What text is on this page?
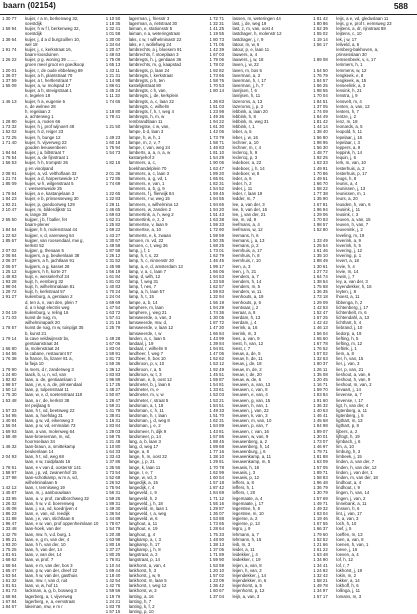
baarn (02154)	588
1 30 77	kuijer, r a m, berkenweg 32,
soestdijk
1 59 94	kuijer, h w f l, berkenweg 32,
soestdijk
1 38 64	kuijer, j, d a d burgzuillen 10,
wel 18
1 91 74	kuijer, j, c, kerkstraat 16,
baarn-loosduinen
1 26 22	kuijer, p g. woning 39 ........
groen meel groot en goedkoop
1 20 01	kuijer, r, de oude ebbelweg 69
1 36 07	kuijer, a h, plantstraat 70
1 37 59	kuijer, a t, hertlerstraat 7
1 55 09	kuijer, a, w. molspad 17
kuijer, a h, stevigstraat 1
n, tegelen 18
1 46 13	kuijer, h a, eugenie 6
n, de welnee 28
h. regelaan 2
a, achterweg 1
1 28 80	kuijer, a, molen 66
1 73 32	kuijer, h j, prof wijnoert 48
1 52 02	kuijer, h d, reiger 23
1 72 25	kuijer, h, bunge 12
1 71 40	kuijer, h. vijverweg 23
gouden leeuwenbeen
1 84 64	kuijer, j a, biltstraat 7
1 78 54	kuijer, a, de fijnstraat 1
1 56 53	kuijer, h h, trompstr 26
g en vioolpand
2 08 91	kuijer, a, vd. velthoflaan 33
1 21 74	kuijer, a d, harpersweide 17
1 85 09	kuijer, w h, wilgenstraat 5
r, wessemweide 25
1 78 64	kuijer, a e, kastanjelaan 3
1 84 23	kuijer, e b, prinsesseweg 30
1 92 21	kuijer, p, goedoorweg 129
2 10 47	kuijer, m, bilderdijkstr 11
w, lange 38
2 55 50	kuijper, j b, f baller, fet
baarn-plener
1 84 54	kuijper, h h, molenstraat 44
1 22 62	kuijper, v, d, varenweg 64
1 85 67	kuijper, van roosendaal, mw g,
kerkstr 52
2 07 02	kuijper, g, thesaan 5
2 06 84	kuijpers, a g, beukenlaan 38
2 06 37	kuijpers, a h, jachtlaan 91
2 06 57	kuijpers, a g, kasset 28
1 25 12	kuijpers, h h, korte 27
1 48 83	kuijt, e, wesselerhof 24
1 93 28	kuijt, h, eemberg 32
1 98 04	kuijt, h, wilhelminalaan 81
1 29 72	kuijt, h, kerkstraat 57
1 91 27	kuilenburg, a, gentiaan 2
d, ten a, n, van den, plein 7
d, a n kagt electris weg
2 04 19	kuilenburg, v, reling 16
1 71 03	kunst de ruig, m,
wilhelminapark 20
1 78 57	kunst de ruig, m w, tuinpijpt 35
b, kunst 21
1 79 14	la cave veldwijnsstr bv,
gentiaanstraat 34
1 66 80	la, molenstraat 24
1 64 56	la cabane, restaurant 57
1 76 38	la france, fa, lizarer 81 a,
la fieja 10
1 79 90	la mers, d r, zanderweg 3
1 24 80	laack, b, u, n, vd, van
1 82 82	laan, a. de, gentiaanlaan 1
1 98 57	laan, j w, v, a, de, prinsendaal
1 50 12	laan, p, tulpenstraat 11
1 75 30	laan, w, v, d, soetenstraat 118
1 53 48	laan, a r, de, kerkstr 38
ter peijlaag 5
1 57 33	laan, h t, vd, beetsweg 22
1 54 95	laan, a, hoefslag 31
1 40 84	laan, g w, vd, eikenweg 3
1 56 04	laan, p w, vd, emmalan 73
1 69 93	laan, a van, molenweg 64
1 58 48	laan-broeseman, m, vd,
hoornselaan 34
1 46 32	laan-braun, a, smittekamp
beukenlaan 14
2 04 93	laan, h t, vd, weg 68
laan, e w, zuidplaats 16
1 78 51	laan, e v van d, oosterstr 141
1 58 97	laan, j p, vd, zwanenhof 15
1 37 98	laan-schotkamp, w m a, vd,
wilhelminalaan 5
1 42 12	laan, r, tennisweg 19
1 45 87	laan, m, j. aanbouwlaan
1 33 95	laan, a. v, prof, zandborchweg 32
1 26 32	laan, h w, v d. boerenweg
1 46 08	laan, j. v.a, vd, koedrijven 4
1 86 23	laan, e, van, vd. reedijk
1 31 88	laan, j e, van, stichtlaan 6
1 96 47	laan, e w. van, prof oppenheimlaan 10
1 33 48	laan-hoek, van der
1 42 78	laan, mw. h, v.d. burg, 1
1 95 21	laan, e, g m, van der, 4
1 93 20	laan, h h, van der, 10
1 75 25	laan, h, van der, 14
1 81 61	laan, v, van der, 14
1 68 62	laan, w, prof, 7
1 68 64	laan, e m, van der, bos 3
1 65 47	laan, p w, van der, dreef 22
1 63 54	laan, h w, van der, gasthuis
1 61 32	laan, mw. r, van d, ruit
1 81 51	laan, w, w, hof 11
1 91 73	lackman, a, g, b, bosweg 3
1 68 84	lagerberg, a, t, vijverweg
1 67 84	lagerberg, e, a, eemstraat
1 84 67	lakeman, mw, e m r
1 10 50	lagerman, j, friesstr 3
1 18 35	lagerman, a, rietstraat 30
1 32 41	laiman, e, stationsstr 5
1 01 58	laiman, n a, weteringstraat
1 30 00	laks, c w, r wilhelminastr 22
1 34 64	laks, e r, wollefweg 24
1 20 47	lambrechts, a j, bloesem 91
1 48 63	lambrechts, f. stoeplaan 3
1 75 09	lambregts, h. j, gentiaan 36
1 65 13	lambrechts, m, g, kaapstad
1 43 11	lambregts, p, laan 24
1 21 31	lambregts, l, kerkstraat
1 14 98	lambregts, p h, ten
1 86 61	kastelijkstraat 80
1 45 24	lambregts, c h, van,
1 11 33	lambregts, j, de, kerkplein
1 74 65	lambregts, a, c, laan 22
lambregts, c, wilhelm
1 18 80	lambregts, f, h, r, weg 4
1 78 41	lambregts, h, m, w
rembrandtlaan 11
1 21 50	lambregtse, c w, van,
lampe, b d, laan 3
1 49 23	lampe, h, w, h, 1
1 60 18	lampe, m, z, v, 7
1 75 94	lampe, r, van, weg 24
1 54 73	lamberts, a, a, n, a, w
kastanjehof 2
1 82 15	lammers, a, c,
boekhandelplein 70
2 01 36	lammers, a, c, laan 3
1 72 85	lammers, a, g, vd, 1
1 74 69	lammers, e, van, 1
lammers, a, b, g, 9
1 22 65	lammers, f j, flierwijk 84
1 22 83	lammers, r w, weg 15
1 28 11	lammers, v, wilhelmina 12
1 46 65	lammers, w, zanden 2
1 69 63	lammertink, a, h, weg 2
1 62 21	lammertink, e, z, 2
1 25 82	lammertse, v, laan 9
1 69 22	lammertse, a, 10
1 43 27	lammerts, e, k, zwaan
1 30 67	lamoen, m. vd, 22
1 48 58	lamoen, c, t, weg 36
1 87 58	lamp, j, f, 1
1 26 12	lamp, h, t, s, 22
1 31 52	lamp, h, c, ninnenstr 20
1 45 98	lamp, a, e, d, amsterdam 13
1 56 19	lamp, v, a, c, laan 7
1 61 84	lamp, d, wilh, 12
1 81 02	lamp, f, weg 31
1 40 83	lamp, f, nes, 7
1 70 24	lamp, a, h, laan 57
1 24 04	lamp, h, t, 15
1 69 69	lampe, a, b, 14
1 47 54	lamphere, m, laan
1 63 72	lamphere, j, weg 21
1 57 41	lamsweerde, o, van, 3
1 21 15	lamsweerde, mw, d,
1 25 79	lamsweerde, v, laan 12
lamsweerde, r, w
1 49 28	landen, a, c, laan 5
1 67 06	landaal, j, 19
1 83 04	landaal, r, wilhelm 9
1 59 91	landheer, f, weg 7
1 81 73	landheer, h, bos 10
1 59 36	landkroon, p, v, 10
1 36 12	landkroon, r, a, 5
1 83 83	landkroon, w, t, 3
1 96 89	landman, e, b, oost 12
1 17 25	landmeter, b, j, laan 6
1 48 27	landmeter, m, e
1 50 87	landmeter, m, v, w
1 26 47	landmeter, r, straat 5
1 59 31	landsman, a, t, 18
1 41 79	landsman, c, h, 11
1 38 81	landsman, h, r, laan
1 16 31	landsman, j, d, weg 8
1 83 84	landsman, j, e, 2
1 28 03	landsmeer, h, dijk 9
1 59 75	landsmeer, p, 14
1 21 48	lang, a, b, laan 3
1 10 80	lang, d, weg 17
1 64 33	lange, a, 8
1 33 43	lange, h, m, oost 22
1 37 86	lange, j, p, 21
1 35 55	lange, k, laan 11
1 73 54	lange, r, e, 7
1 52 68	lange, w, vd, 3
1 26 52	langedijk, a, 15
1 75 94	langedijk, r, 4
1 56 31	langeveld, c, 9
1 59 25	langeveld, h, 2
1 89 31	langeveld, j, h, 18
1 49 30	langeveld, m, laan 1
1 36 54	langeveld, r, a, weg
1 44 89	langeveld, w, 6
1 78 67	langhout, a, 11
1 54 79	langhout, e, 19
1 20 38	langhout, g, 4
1 63 98	langkamp, a, r, 3
1 80 16	langkamp, h, 17
1 37 27	langkamp, j, h, 8
1 80 25	langstraat, a, 2
1 76 81	langstraat, p, 14
1 10 44	lankhorst, a, van, 4
1 69 44	lankhorst, h, 3
1 18 40	lankhorst, j, w, 9
1 42 54	lankhorst, m, laan 5
1 42 75	lankhorst, r, weg 12
1 59 56	lankhorst, w, 3
1 19 76	lanting, a, 16
1 24 21	lanting, h, 7
1 83 78	lanting, k, f, 2
1 57 15	lanting, p, 10
1 72 71	lassen, m, weteringen 44
1 32 31	last, j, de, weg 19
1 41 25	last, z, m, van, oost 4
1 19 55	lastdrager, h, molenstr 12
1 80 73	lastdrager, j, r, 9
1 71 05	latour, m, w, 6
1 42 39	latour, p, e, laan 11
1 67 03	lauwers, a, 4
1 79 06	lauwers, j, w, 18
1 78 02	laven, j, w, 22
1 92 82	laven, m, bos 5
1 73 66	laverman, a, 3
1 58 76	laverman, h, r, 17
1 70 53	laverman, j, h, 7
1 80 14	lavrijsen, f, 6
lavrijsen, h, 11
1 36 83	lazeroms, a, 13
1 51 03	lazeroms, j, p, 2
1 23 98	lebbink, a, laan 20
1 49 36	lebbink, h, 8
1 94 22	lebbink, m, weg 31
1 61 30	lebbink, r, 1
1 42 06	leber, a, 5
1 73 79	leber, j, w, 16
1 58 71	lechner, a, 10
1 46 83	lechner, m, r, 4
1 81 10	leclercq, h, 9
1 54 29	leclercq, p, 3
1 90 06	ledeboer, a, 22
1 63 47	ledeboer, j, h, 14
1 89 20	ledeboer, w, 8
1 65 91	leder, a, 6
1 82 31	leder, h, 2
1 54 52	leder, j, 11
1 59 45	leder, r, laan 19
1 94 55	ledder, m, 7
1 94 65	lee, a, van der, 3
1 94 20	lee, h, van der, 15
1 51 43	lee, j, van der, 21
1 63 38	lee, m, vd, 9
1 59 33	leefmans, a, 4
1 72 90	leefmans, w, 12
1 59 59	leemans, h, 6
1 50 35	leemans, j, a, 13
1 68 25	leemans, p, 2
1 73 01	leemhuis, a, 17
1 62 79	leemhuis, h, 8
1 46 45	leemhuis, r, 10
1 99 17	leen, a, 3
1 66 06	leen, j, h, 21
1 94 53	leenders, a, 7
1 33 58	leenders, h, 14
1 62 57	leenders, m, 5
1 59 83	leenders, w, 11
1 32 94	leenhouts, a, 19
1 56 19	leenhouts, p, 6
1 94 29	leentvaar, j, 2
1 74 36	leeraar, a, 8
1 30 05	leerdam, h, 13
1 87 72	leerdam, j, 4
1 47 30	leerink, a, 16
1 66 84	leerink, m, 3
1 43 99	lees, a, van, 9
1 39 84	leest, h, van, 12
1 94 81	leest, r, 7
1 47 06	leeuw, a, de, 5
1 52 62	leeuw, h, de, 11
1 53 12	leeuw, j, de, 18
1 92 49	leeuw, m, de, 2
1 45 51	leeuw, r, de, 20
1 59 87	leeuw, w, de, 6
1 54 81	leeuwen, a, van, 13
1 33 61	leeuwen, c, van, 8
1 53 03	leeuwen, e, van, 4
1 53 21	leeuwen, g, van, 15
1 84 51	leeuwen, h, van, 1
1 49 33	leeuwen, j, van, 22
1 51 70	leeuwen, k, van, 3
1 62 31	leeuwen, m, van, 10
1 84 89	leeuwen, p, van, 7
1 43 81	leeuwen, r, van, 16
1 57 86	leeuwen, w, van, 9
1 88 45	leeuwenberg, a, 2
1 89 68	leeuwenberg, h, 14
1 77 16	leeuwenburg, j, 6
1 38 10	leeuwenkamp, a, 11
1 29 81	leeuwenkamp, m, 5
1 70 78	leeuwis, h, 18
1 62 99	leeuwis, j, 3
1 60 54	leeuwis, p, 12
1 57 18	leffers, a, 8
1 87 42	leffers, h, 1
1 84 69	leffers, r, 20
1 71 12	legemaate, a, 4
1 55 16	legemaate, j, 17
1 29 87	legerstee, h, 6
1 36 07	legerstee, m, 10
1 53 88	legierse, a, 2
1 73 65	legierse, p, 13
1 28 64	legro, j, 9
1 75 33	lehmann, a, 7
1 48 90	lehmann, h, 15
1 38 13	leib, m, 3
1 37 06	leider, a, 11
1 71 89	leidekker, j, 4
1 59 90	leidekker, r, 19
1 53 59	leijen, a, van, 8
1 20 10	leijen, h, van, 2
1 57 02	leijendekker, j, 14
1 23 09	leijendekker, m, 6
1 36 42	leijenhorst, a, 5
1 60 67	leijenhorst, p, 12
1 37 04	leijn, a, van, 3
1 81 42	leijs, a e, vd, gleduslaan 11
1 80 86	leijs, g e, prof t. eemsweg 23
1 62 39	leijtens, a, dr, rijnstraat 88
1 55 02	leijtens, c, 10
1 19 14	lek, j w, 17
1 56 17	leliveld, a, 6
lemberg-bakhoven, a,
prinsesslaan 30
1 89 08	lemsenbeek, v, s, 17
lemmers, h, 1
1 54 50	lemmens, w, 12
1 76 79	lengkeek, e, 8
1 84 57	lengkeek, w, 15
1 66 25	lenseelink, a, 3
1 98 55	lensink, h, 21
1 70 04	lenstra, j, 9
1 84 51	lensvelt, m, 4
1 37 05	lenten, a, van, 13
1 74 09	lenters, h, 7
1 84 49	lentze, j, 2
1 81 42	lenz, m, 18
1 44 14	leonards, a, 5
1 38 40	leopold, h, 11
1 56 80	lepelaar, j, 16
1 98 95	lepelaar, r, 3
1 56 30	leppers, a, 9
1 48 77	leppink, h, 14
1 92 25	lequin, j, 6
1 63 33	lerk, m, van, 10
1 49 91	lesterhuis, a, 2
1 70 86	lesterhuis, p, 17
1 49 61	leugs, h, 8
1 66 70	leunis, a, 4
1 58 22	leunissen, j, 13
1 77 38	leunissen, m, 1
1 35 90	leurs, a, 20
1 67 81	leusden, h, van, 6
1 96 94	leusink, j, 11
1 29 06	leusink, r, 3
1 70 83	leuven, a, van, 15
1 98 57	leuven, h, van, 7
1 52 80	leuvenink, j, 2
leveling, m, 19
1 33 49	leverink, a, 9
1 25 54	leverink, h, 5
1 61 46	levering, j, 12
1 35 10	levering, p, 1
1 88 49	levert, a, 18
1 30 61	levie, h, 4
1 27 72	levie, m, 14
1 64 74	lewin, j, 7
1 38 54	ley, a, van der, 3
1 75 68	leyendekker, h, 16
1 36 35	leyten, j, 8
1 73 18	lhoest, a, 11
1 29 09	libbenga, h, 2
1 42 53	lichtenberg, j, 17
1 52 47	lichtenbelt, m, 6
1 57 25	lichtendahl, a, 13
1 42 42	lichthart, h, 4
1 46 13	liebrand, j, 10
1 56 04	liedorp, a, 19
1 65 60	liefting, h, 5
1 67 78	liefting, m, 12
1 76 52	lieftink, j, 1
1 57 02	liem, a, 8
1 32 63	lier, h, van, 15
1 80 37	lier, j, van, 3
1 26 11	lier, p, van, 21
1 35 08	lieshout, a, van, 6
1 20 45	lieshout, h, van, 9
1 16 71	lieshout, m, van, 2
1 59 70	lievaart, j, 14
1 83 84	lievense, a, 7
1 91 60	lievense, r, 17
1 36 32	ligt, h, van der, 4
1 40 63	ligtenberg, a, 11
1 46 41	ligtenberg, j, 5
1 45 68	ligthart, m, 13
1 84 98	ligthart, p, 8
1 89 07	lijbers, a, 2
1 30 01	lijftogt, h, 19
1 73 07	lijmbach, j, 6
1 46 97	lim, a, 10
1 79 71	limburg, h, 3
1 81 88	limbeek, j, 15
1 63 09	linden, a, van der, 7
1 57 05	linden, h, van der, 12
1 89 71	linden, j, van der, 1
1 58 83	linden, m, van der, 18
1 96 48	lindhout, a, 4
1 36 79	lindhout, r, 9
1 30 79	lingen, h, van, 14
1 57 69	lingen, j, van, 2
1 49 71	linnebank, a, 11
1 49 32	linssen, h, 6
1 63 04	lint, j, van, 17
1 19 46	lit, a, van, 3
1 67 55	loch, h, 10
1 66 37	loef, j, 5
1 79 60	loeffen, m, 13
1 52 52	loen, a, van, 8
1 21 66	loenen, h, van, 1
1 61 22	loeve, j, 16
1 63 48	loeven, a, 4
1 34 90	lof, h, 12
1 34 41	lof, r, 7
1 24 82	lokhorst, j, 19
1 32 42	lokin, m, 2
1 58 21	lokker, a, 14
1 49 78	lokhoff, h, 6
1 34 97	lollinga, j, 11
1 57 17	lomans, m, 3
